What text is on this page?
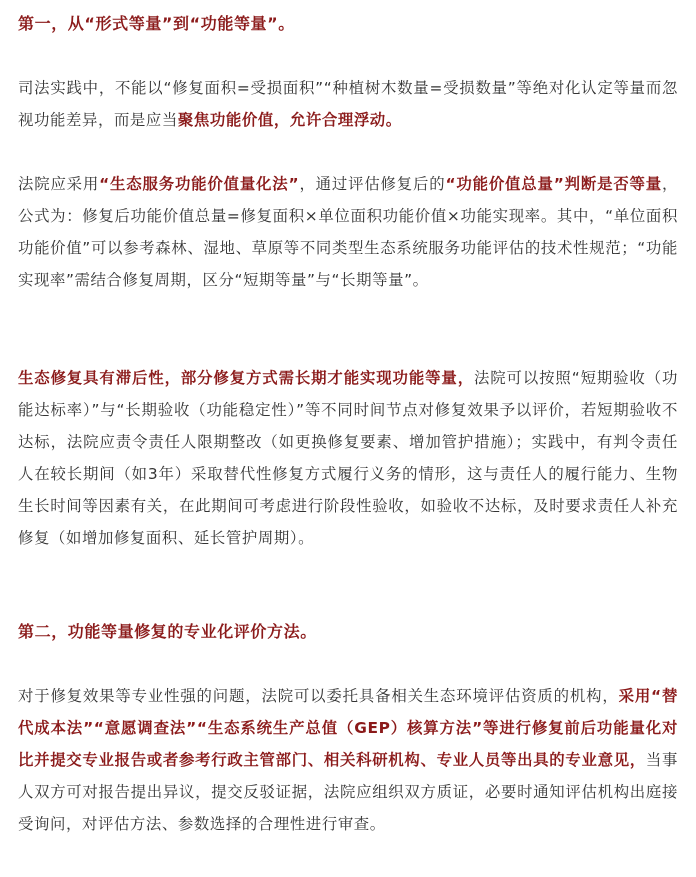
第一，从“形式等量”到“功能等量”。

司法实践中，不能以“修复面积=受损面积”“种植树木数量=受损数量”等绝对化认定等量而忽视功能差异，而是应当聚焦功能价值，允许合理浮动。

法院应采用“生态服务功能价值量化法”，通过评估修复后的“功能价值总量”判断是否等量，公式为：修复后功能价值总量=修复面积×单位面积功能价值×功能实现率。其中，“单位面积功能价值”可以参考森林、湿地、草原等不同类型生态系统服务功能评估的技术性规范；“功能实现率”需结合修复周期，区分“短期等量”与“长期等量”。

生态修复具有滞后性，部分修复方式需长期才能实现功能等量，法院可以按照“短期验收（功能达标率）”与“长期验收（功能稳定性）”等不同时间节点对修复效果予以评价，若短期验收不达标，法院应责令责任人限期整改（如更换修复要素、增加管护措施）；实践中，有判令责任人在较长期间（如3年）采取替代性修复方式履行义务的情形，这与责任人的履行能力、生物生长时间等因素有关，在此期间可考虑进行阶段性验收，如验收不达标，及时要求责任人补充修复（如增加修复面积、延长管护周期）。

第二，功能等量修复的专业化评价方法。

对于修复效果等专业性强的问题，法院可以委托具备相关生态环境评估资质的机构，采用“替代成本法”“意愿调查法”“生态系统生产总值（GEP）核算方法”等进行修复前后功能量化对比并提交专业报告或者参考行政主管部门、相关科研机构、专业人员等出具的专业意见，当事人双方可对报告提出异议，提交反驳证据，法院应组织双方质证，必要时通知评估机构出庭接受询问，对评估方法、参数选择的合理性进行审查。
